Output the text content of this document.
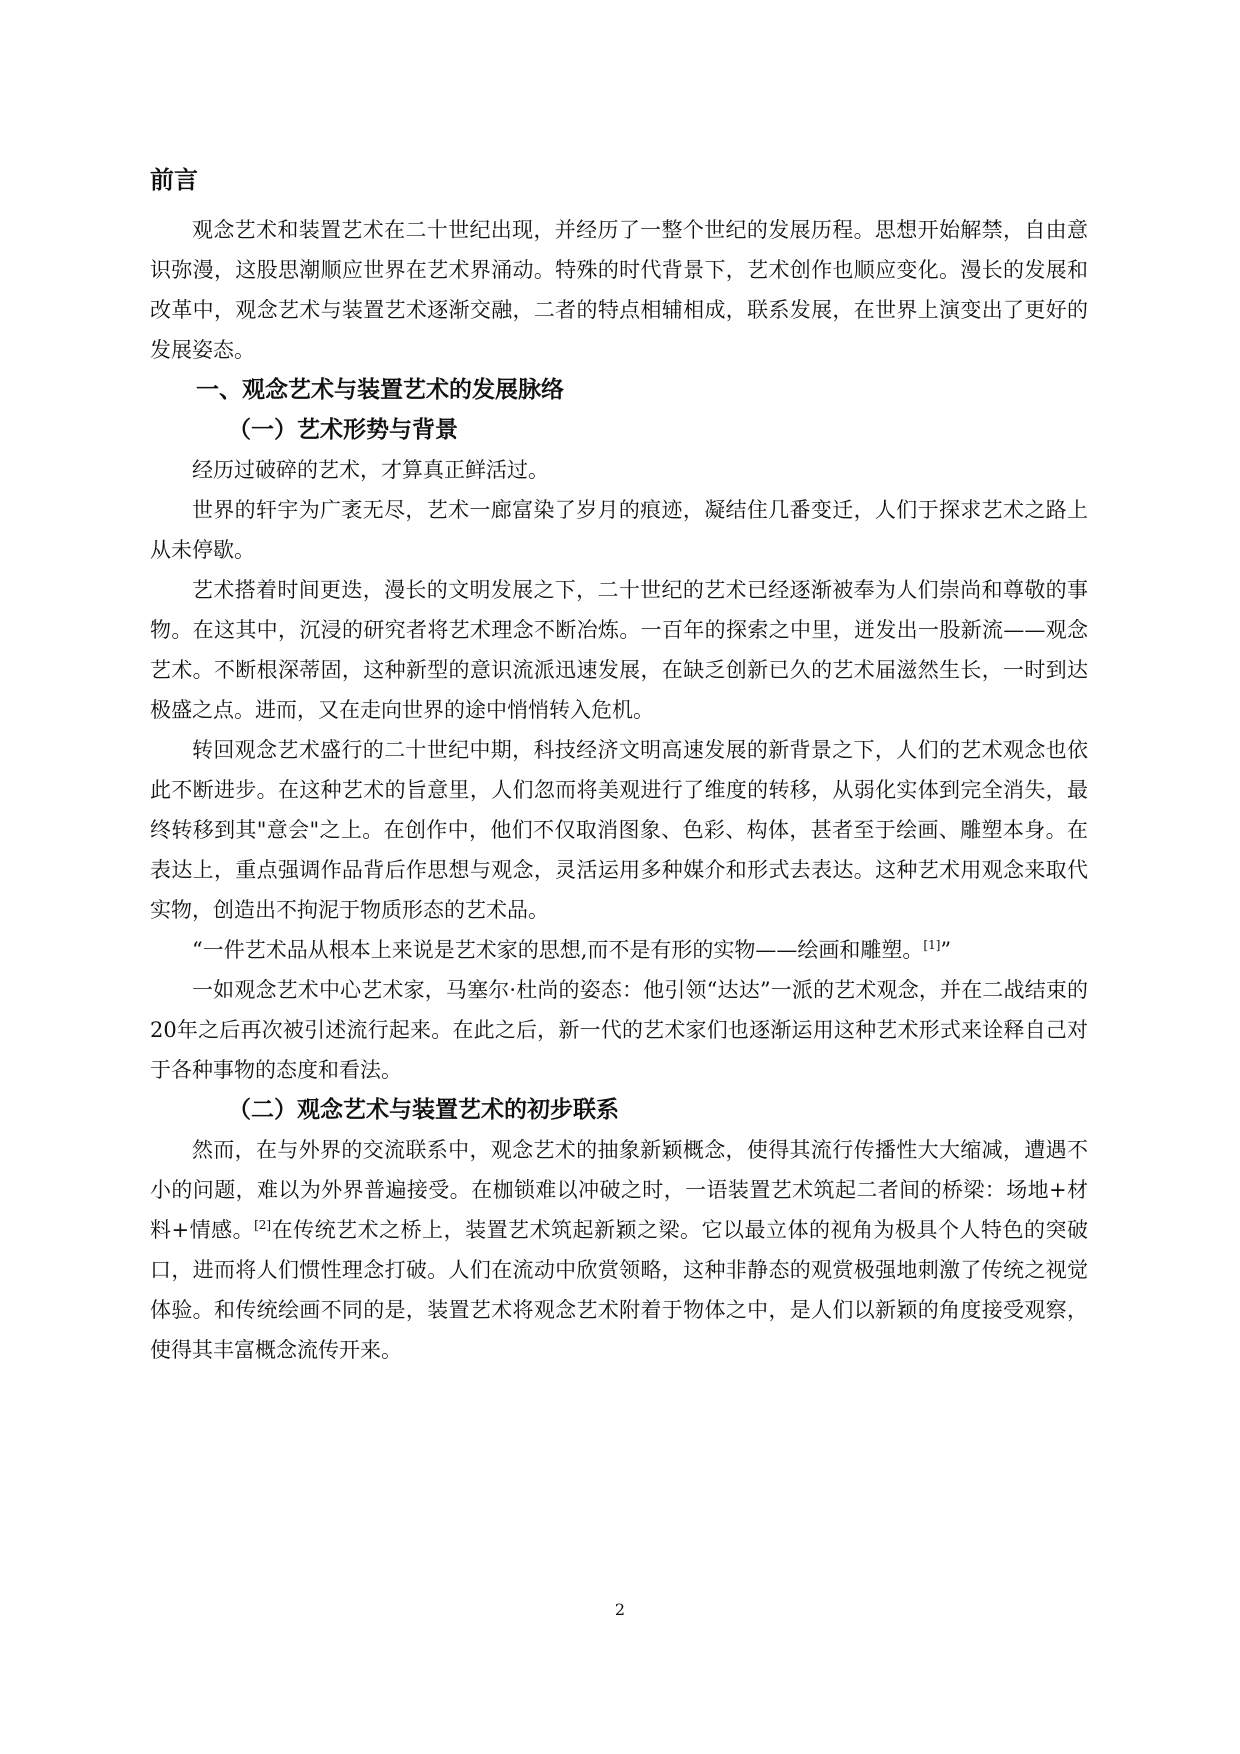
前言

观念艺术和装置艺术在二十世纪出现，并经历了一整个世纪的发展历程。思想开始解禁，自由意识弥漫，这股思潮顺应世界在艺术界涌动。特殊的时代背景下，艺术创作也顺应变化。漫长的发展和改革中，观念艺术与装置艺术逐渐交融，二者的特点相辅相成，联系发展，在世界上演变出了更好的发展姿态。

一、观念艺术与装置艺术的发展脉络
（一）艺术形势与背景

经历过破碎的艺术，才算真正鲜活过。

世界的轩宇为广袤无尽，艺术一廊富染了岁月的痕迹，凝结住几番变迁，人们于探求艺术之路上从未停歇。

艺术搭着时间更迭，漫长的文明发展之下，二十世纪的艺术已经逐渐被奉为人们崇尚和尊敬的事物。在这其中，沉浸的研究者将艺术理念不断冶炼。一百年的探索之中里，迸发出一股新流——观念艺术。不断根深蒂固，这种新型的意识流派迅速发展，在缺乏创新已久的艺术届滋然生长，一时到达极盛之点。进而，又在走向世界的途中悄悄转入危机。

转回观念艺术盛行的二十世纪中期，科技经济文明高速发展的新背景之下，人们的艺术观念也依此不断进步。在这种艺术的旨意里，人们忽而将美观进行了维度的转移，从弱化实体到完全消失，最终转移到其"意会"之上。在创作中，他们不仅取消图象、色彩、构体，甚者至于绘画、雕塑本身。在表达上，重点强调作品背后作思想与观念，灵活运用多种媒介和形式去表达。这种艺术用观念来取代实物，创造出不拘泥于物质形态的艺术品。

“一件艺术品从根本上来说是艺术家的思想,而不是有形的实物——绘画和雕塑。[1]”

一如观念艺术中心艺术家，马塞尔·杜尚的姿态：他引领“达达”一派的艺术观念，并在二战结束的20年之后再次被引述流行起来。在此之后，新一代的艺术家们也逐渐运用这种艺术形式来诠释自己对于各种事物的态度和看法。

（二）观念艺术与装置艺术的初步联系

然而，在与外界的交流联系中，观念艺术的抽象新颖概念，使得其流行传播性大大缩减，遭遇不小的问题，难以为外界普遍接受。在枷锁难以冲破之时，一语装置艺术筑起二者间的桥梁：场地+材料+情感。[2]在传统艺术之桥上，装置艺术筑起新颖之梁。它以最立体的视角为极具个人特色的突破口，进而将人们惯性理念打破。人们在流动中欣赏领略，这种非静态的观赏极强地刺激了传统之视觉体验。和传统绘画不同的是，装置艺术将观念艺术附着于物体之中，是人们以新颖的角度接受观察，使得其丰富概念流传开来。

2
